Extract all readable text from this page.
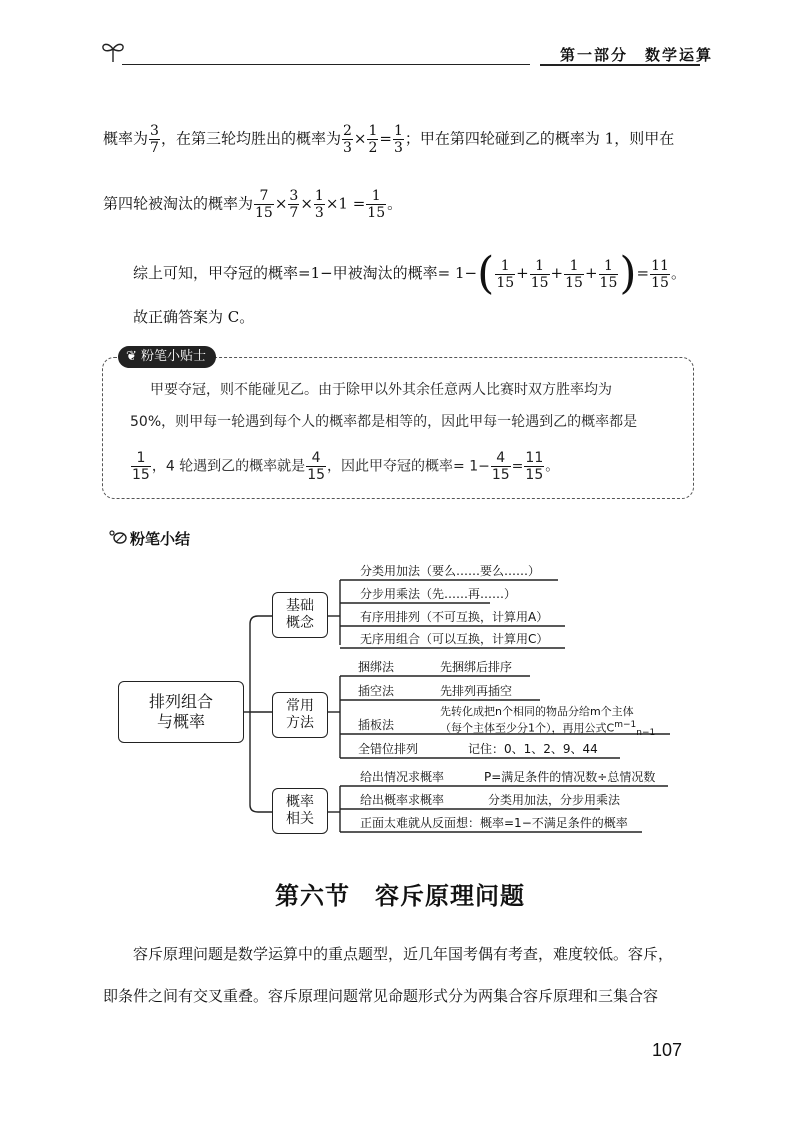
第一部分　数学运算
概率为 $\frac{3}{7}$ ，在第三轮均胜出的概率为 $\frac{2}{3} \times \frac{1}{2} = \frac{1}{3}$ ；甲在第四轮碰到乙的概率为 1，则甲在
第四轮被淘汰的概率为 $\frac{7}{15} \times \frac{3}{7} \times \frac{1}{3} \times 1 = \frac{1}{15}$ 。
综上可知，甲夺冠的概率=1−甲被淘汰的概率= $1-( \frac{1}{15} + \frac{1}{15} + \frac{1}{15} + \frac{1}{15}$ )= $\frac{11}{15}$ 。
故正确答案为 C。
❦ 粉笔小贴士
甲要夺冠，则不能碰见乙。由于除甲以外其余任意两人比赛时双方胜率均为
50%，则甲每一轮遇到每个人的概率都是相等的，因此甲每一轮遇到乙的概率都是
$\frac{1}{15}$ ，4 轮遇到乙的概率就是 $\frac{4}{15}$ ，因此甲夺冠的概率= $1- \frac{4}{15} = \frac{11}{15}$ 。
粉笔小结
排列组合
与概率
基础
概念
常用
方法
概率
相关
分类用加法（要么……要么……）
分步用乘法（先……再……）
有序用排列（不可互换，计算用A）
无序用组合（可以互换，计算用C）
捆绑法	先捆绑后排序
插空法	先排列再插空
插板法
先转化成把n个相同的物品分给m个主体
（每个主体至少分1个），再用公式$C^{m-1}_{n-1}$
全错位排列	记住：0、1、2、9、44
给出情况求概率	P=满足条件的情况数÷总情况数
给出概率求概率	分类用加法，分步用乘法
正面太难就从反面想：概率=1−不满足条件的概率
第六节　容斥原理问题
容斥原理问题是数学运算中的重点题型，近几年国考偶有考查，难度较低。容斥，
即条件之间有交叉重叠。容斥原理问题常见命题形式分为两集合容斥原理和三集合容
107
